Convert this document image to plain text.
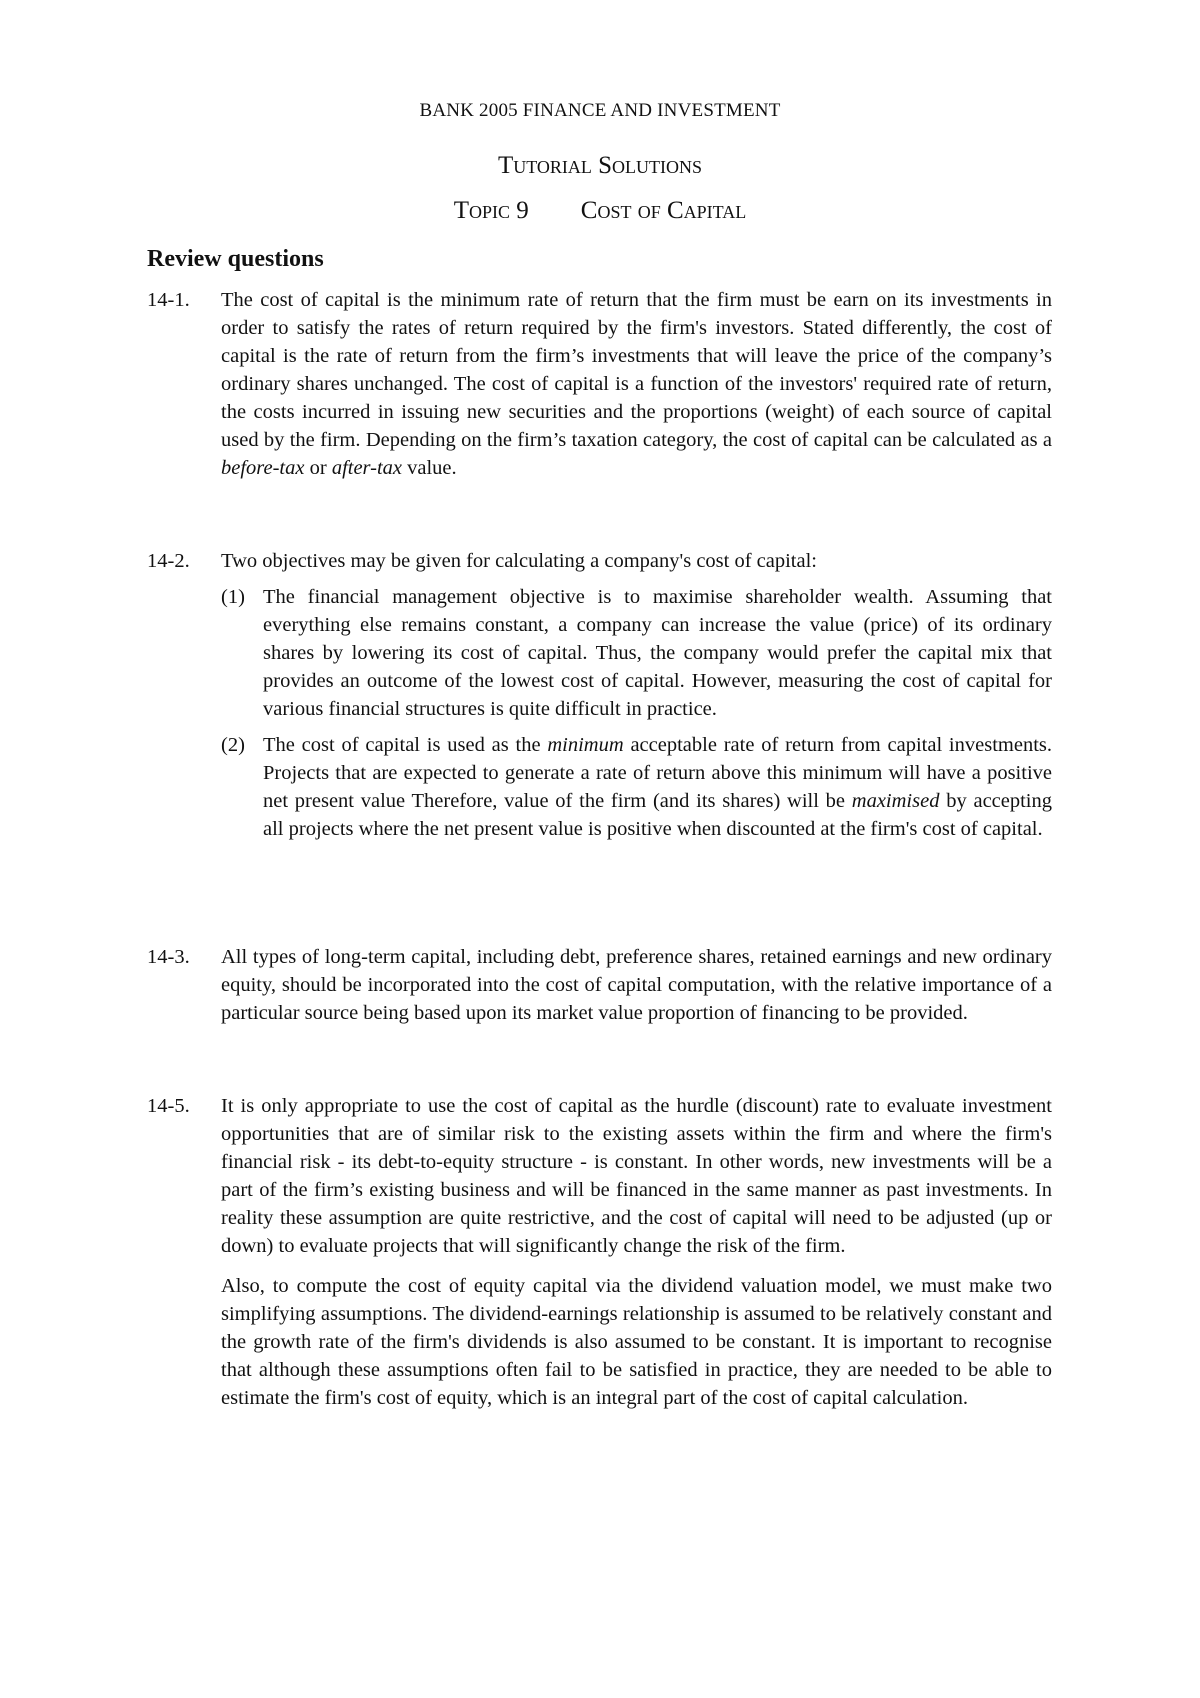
BANK 2005 FINANCE AND INVESTMENT
Tutorial Solutions
Topic 9 Cost of Capital
Review questions
14-1. The cost of capital is the minimum rate of return that the firm must be earn on its investments in order to satisfy the rates of return required by the firm's investors. Stated differently, the cost of capital is the rate of return from the firm’s investments that will leave the price of the company’s ordinary shares unchanged. The cost of capital is a function of the investors' required rate of return, the costs incurred in issuing new securities and the proportions (weight) of each source of capital used by the firm. Depending on the firm’s taxation category, the cost of capital can be calculated as a before-tax or after-tax value.

14-2. Two objectives may be given for calculating a company's cost of capital:

(1) The financial management objective is to maximise shareholder wealth. Assuming that everything else remains constant, a company can increase the value (price) of its ordinary shares by lowering its cost of capital. Thus, the company would prefer the capital mix that provides an outcome of the lowest cost of capital. However, measuring the cost of capital for various financial structures is quite difficult in practice.
(2) The cost of capital is used as the minimum acceptable rate of return from capital investments. Projects that are expected to generate a rate of return above this minimum will have a positive net present value Therefore, value of the firm (and its shares) will be maximised by accepting all projects where the net present value is positive when discounted at the firm's cost of capital.
14-3. All types of long-term capital, including debt, preference shares, retained earnings and new ordinary equity, should be incorporated into the cost of capital computation, with the relative importance of a particular source being based upon its market value proportion of financing to be provided.

14-5. It is only appropriate to use the cost of capital as the hurdle (discount) rate to evaluate investment opportunities that are of similar risk to the existing assets within the firm and where the firm's financial risk - its debt-to-equity structure - is constant. In other words, new investments will be a part of the firm’s existing business and will be financed in the same manner as past investments. In reality these assumption are quite restrictive, and the cost of capital will need to be adjusted (up or down) to evaluate projects that will significantly change the risk of the firm.

Also, to compute the cost of equity capital via the dividend valuation model, we must make two simplifying assumptions. The dividend-earnings relationship is assumed to be relatively constant and the growth rate of the firm's dividends is also assumed to be constant. It is important to recognise that although these assumptions often fail to be satisfied in practice, they are needed to be able to estimate the firm's cost of equity, which is an integral part of the cost of capital calculation.
